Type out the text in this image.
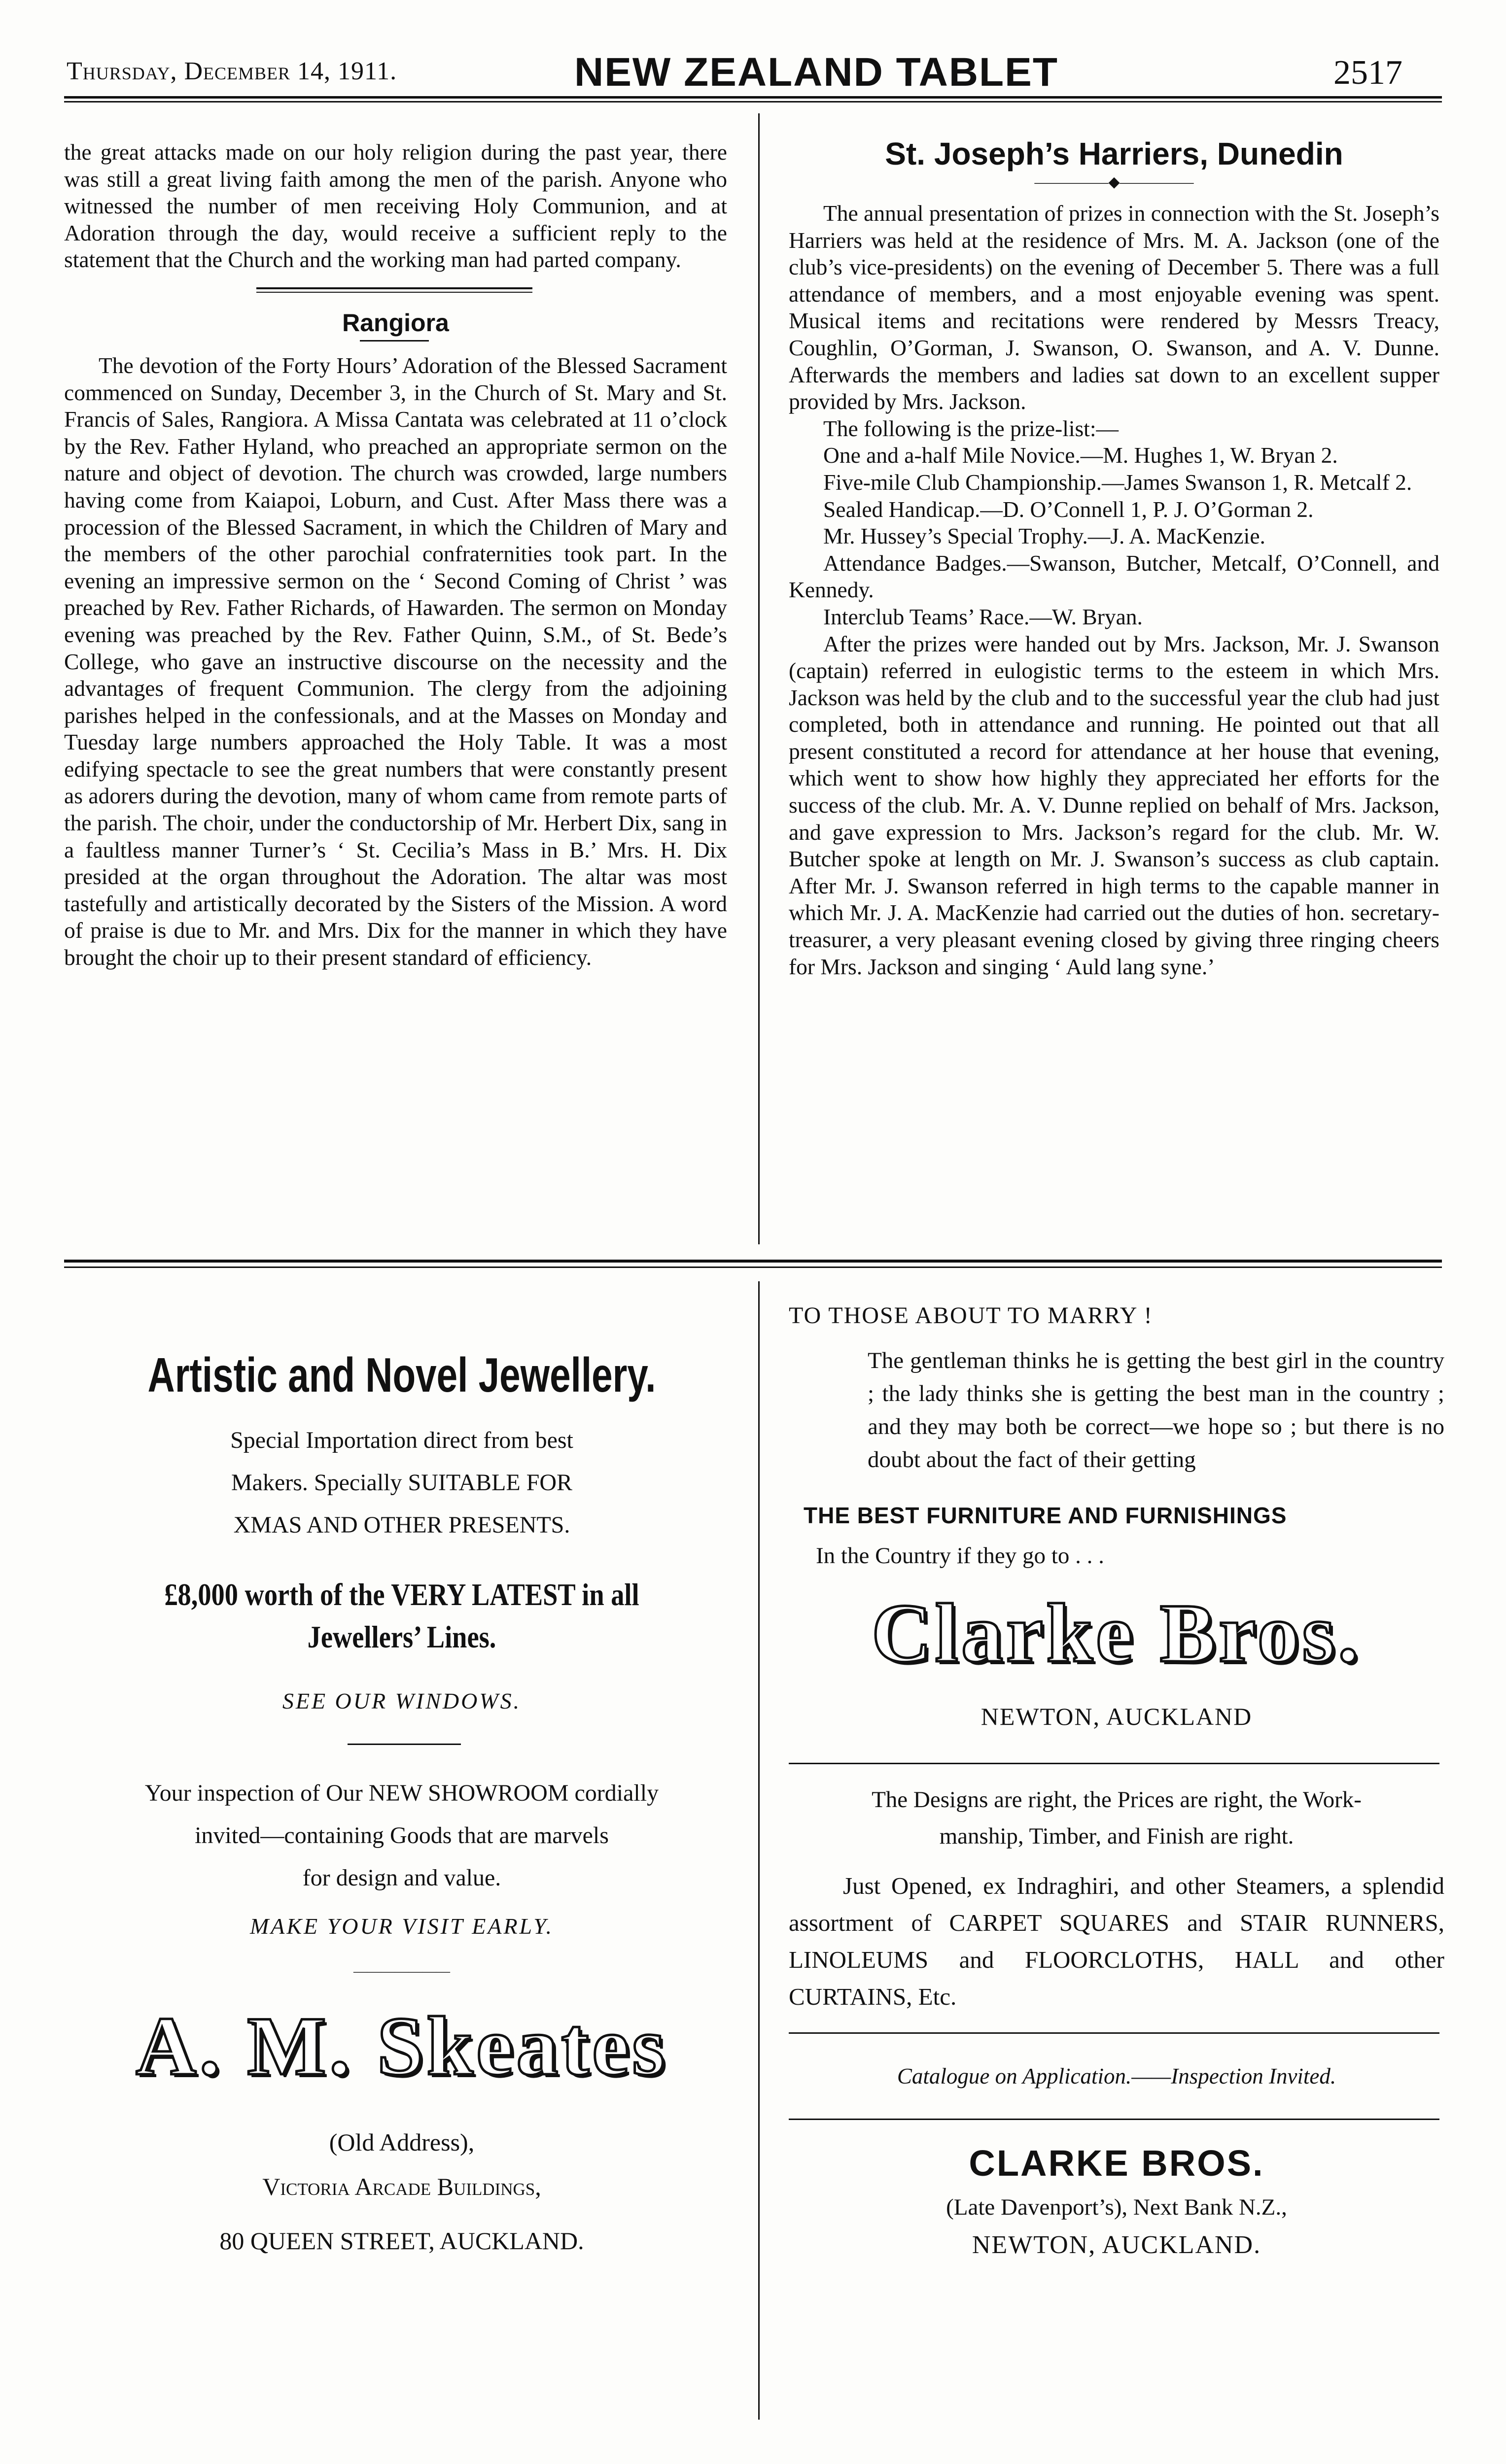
Thursday, December 14, 1911.	NEW ZEALAND TABLET	2517

the great attacks made on our holy religion during the past year, there was still a great living faith among the men of the parish. Anyone who witnessed the number of men receiving Holy Communion, and at Adoration through the day, would receive a sufficient reply to the statement that the Church and the working man had parted company.

Rangiora

The devotion of the Forty Hours’ Adoration of the Blessed Sacrament commenced on Sunday, December 3, in the Church of St. Mary and St. Francis of Sales, Rangiora. A Missa Cantata was celebrated at 11 o’clock by the Rev. Father Hyland, who preached an appropriate sermon on the nature and object of devotion. The church was crowded, large numbers having come from Kaiapoi, Loburn, and Cust. After Mass there was a procession of the Blessed Sacrament, in which the Children of Mary and the members of the other parochial confraternities took part. In the evening an impressive sermon on the ‘ Second Coming of Christ ’ was preached by Rev. Father Richards, of Hawarden. The sermon on Monday evening was preached by the Rev. Father Quinn, S.M., of St. Bede’s College, who gave an instructive discourse on the necessity and the advantages of frequent Communion. The clergy from the adjoining parishes helped in the confessionals, and at the Masses on Monday and Tuesday large numbers approached the Holy Table. It was a most edifying spectacle to see the great numbers that were constantly present as adorers during the devotion, many of whom came from remote parts of the parish. The choir, under the conductorship of Mr. Herbert Dix, sang in a faultless manner Turner’s ‘ St. Cecilia’s Mass in B.’ Mrs. H. Dix presided at the organ throughout the Adoration. The altar was most tastefully and artistically decorated by the Sisters of the Mission. A word of praise is due to Mr. and Mrs. Dix for the manner in which they have brought the choir up to their present standard of efficiency.

St. Joseph’s Harriers, Dunedin
―――――◆―――――

The annual presentation of prizes in connection with the St. Joseph’s Harriers was held at the residence of Mrs. M. A. Jackson (one of the club’s vice-presidents) on the evening of December 5. There was a full attendance of members, and a most enjoyable evening was spent. Musical items and recitations were rendered by Messrs Treacy, Coughlin, O’Gorman, J. Swanson, O. Swanson, and A. V. Dunne. Afterwards the members and ladies sat down to an excellent supper provided by Mrs. Jackson.

The following is the prize-list:—

One and a-half Mile Novice.—M. Hughes 1, W. Bryan 2.

Five-mile Club Championship.—James Swanson 1, R. Metcalf 2.

Sealed Handicap.—D. O’Connell 1, P. J. O’Gorman 2.

Mr. Hussey’s Special Trophy.—J. A. MacKenzie.

Attendance Badges.—Swanson, Butcher, Metcalf, O’Connell, and Kennedy.

Interclub Teams’ Race.—W. Bryan.

After the prizes were handed out by Mrs. Jackson, Mr. J. Swanson (captain) referred in eulogistic terms to the esteem in which Mrs. Jackson was held by the club and to the successful year the club had just completed, both in attendance and running. He pointed out that all present constituted a record for attendance at her house that evening, which went to show how highly they appreciated her efforts for the success of the club. Mr. A. V. Dunne replied on behalf of Mrs. Jackson, and gave expression to Mrs. Jackson’s regard for the club. Mr. W. Butcher spoke at length on Mr. J. Swanson’s success as club captain. After Mr. J. Swanson referred in high terms to the capable manner in which Mr. J. A. MacKenzie had carried out the duties of hon. secretary-treasurer, a very pleasant evening closed by giving three ringing cheers for Mrs. Jackson and singing ‘ Auld lang syne.’

Artistic and Novel Jewellery.
Special Importation direct from best
Makers. Specially SUITABLE FOR
XMAS AND OTHER PRESENTS.
£8,000 worth of the VERY LATEST in all
Jewellers’ Lines.
SEE OUR WINDOWS.
Your inspection of Our NEW SHOWROOM cordially
invited—containing Goods that are marvels
for design and value.
MAKE YOUR VISIT EARLY.
―――――――
A. M. Skeates
(Old Address),
Victoria Arcade Buildings,
80 QUEEN STREET, AUCKLAND.
TO THOSE ABOUT TO MARRY !
The gentleman thinks he is getting the best girl in the country ; the lady thinks she is getting the best man in the country ; and they may both be correct—we hope so ; but there is no doubt about the fact of their getting
THE BEST FURNITURE AND FURNISHINGS
In the Country if they go to . . .
Clarke Bros.
NEWTON, AUCKLAND
The Designs are right, the Prices are right, the Work-
manship, Timber, and Finish are right.
Just Opened, ex Indraghiri, and other Steamers, a splendid assortment of CARPET SQUARES and STAIR RUNNERS, LINOLEUMS and FLOORCLOTHS, HALL and other CURTAINS, Etc.
Catalogue on Application.——Inspection Invited.
CLARKE BROS.
(Late Davenport’s), Next Bank N.Z.,
NEWTON, AUCKLAND.
